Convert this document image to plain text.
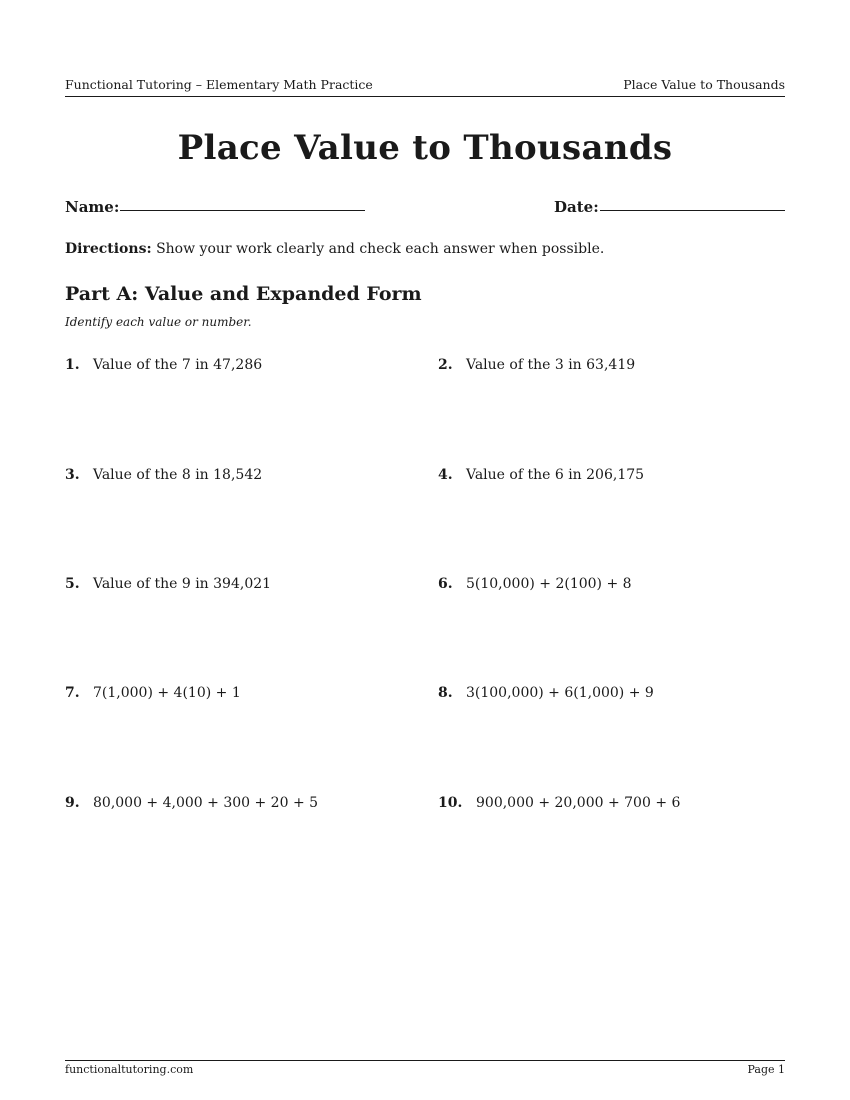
Functional Tutoring – Elementary Math Practice	Place Value to Thousands
Place Value to Thousands
Name:	Date:
Directions: Show your work clearly and check each answer when possible.
Part A: Value and Expanded Form
Identify each value or number.
1. Value of the 7 in 47,286	2. Value of the 3 in 63,419
3. Value of the 8 in 18,542	4. Value of the 6 in 206,175
5. Value of the 9 in 394,021	6. 5(10,000) + 2(100) + 8
7. 7(1,000) + 4(10) + 1	8. 3(100,000) + 6(1,000) + 9
9. 80,000 + 4,000 + 300 + 20 + 5	10. 900,000 + 20,000 + 700 + 6
functionaltutoring.com	Page 1
